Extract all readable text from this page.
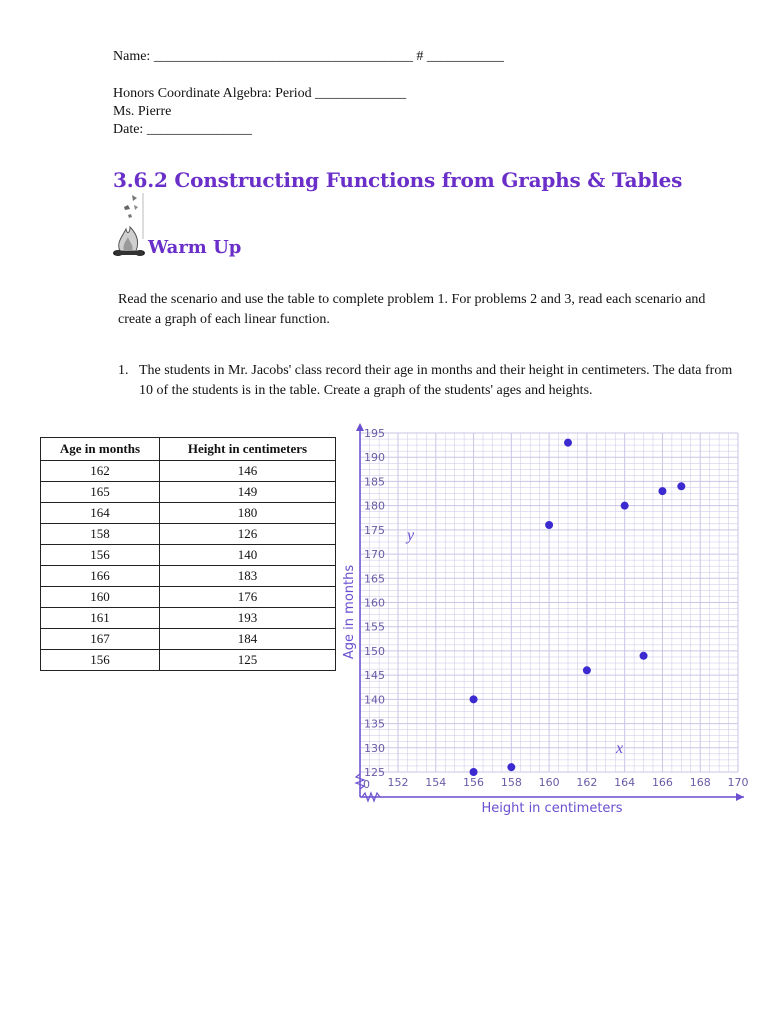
Name: _____________________________________ # ___________
Honors Coordinate Algebra: Period _____________
Ms. Pierre
Date: _______________
3.6.2 Constructing Functions from Graphs & Tables
Warm Up
Read the scenario and use the table to complete problem 1. For problems 2 and 3, read each scenario and create a graph of each linear function.
1. The students in Mr. Jacobs' class record their age in months and their height in centimeters. The data from 10 of the students is in the table. Create a graph of the students' ages and heights.
Age in months	Height in centimeters
162	146
165	149
164	180
158	126
156	140
166	183
160	176
161	193
167	184
156	125
125
130
135
140
145
150
155
160
165
170
175
180
185
190
195
152 154 156 158 160 162 164 166 168 170
Height in centimeters
Age in months
y
x
0
